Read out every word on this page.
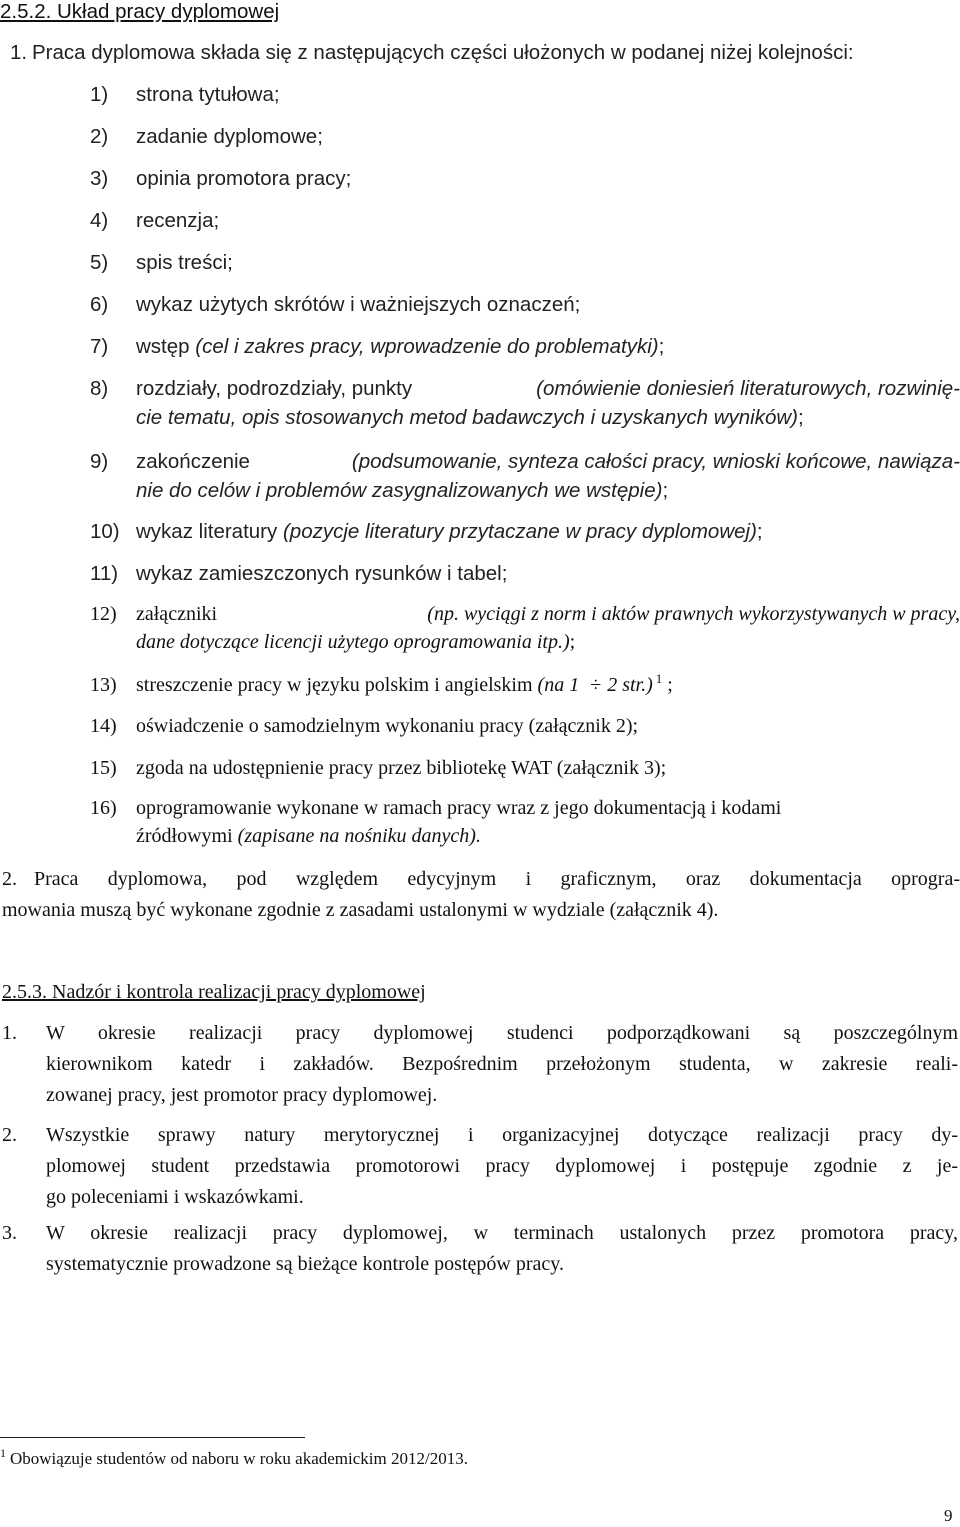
2.5.2. Układ pracy dyplomowej
1. Praca dyplomowa składa się z następujących części ułożonych w podanej niżej kolejności:
1) strona tytułowa;
2) zadanie dyplomowe;
3) opinia promotora pracy;
4) recenzja;
5) spis treści;
6) wykaz użytych skrótów i ważniejszych oznaczeń;
7) wstęp (cel i zakres pracy, wprowadzenie do problematyki);
8) rozdziały, podrozdziały, punkty	(omówienie doniesień literaturowych, rozwinię-
cie tematu, opis stosowanych metod badawczych i uzyskanych wyników);
9) zakończenie	(podsumowanie, synteza całości pracy, wnioski końcowe, nawiąza-
nie do celów i problemów zasygnalizowanych we wstępie);
10) wykaz literatury (pozycje literatury przytaczane w pracy dyplomowej);
11) wykaz zamieszczonych rysunków i tabel;
12) załączniki	(np. wyciągi z norm i aktów prawnych wykorzystywanych w pracy,
dane dotyczące licencji użytego oprogramowania itp.);
13) streszczenie pracy w języku polskim i angielskim (na 1 ÷ 2 str.) $^1$ ;
14) oświadczenie o samodzielnym wykonaniu pracy (załącznik 2);
15) zgoda na udostępnienie pracy przez bibliotekę WAT (załącznik 3);
16) oprogramowanie wykonane w ramach pracy wraz z jego dokumentacją i kodami
źródłowymi (zapisane na nośniku danych).
2. Praca dyplomowa, pod względem edycyjnym i graficznym, oraz dokumentacja oprogra-
mowania muszą być wykonane zgodnie z zasadami ustalonymi w wydziale (załącznik 4).
2.5.3. Nadzór i kontrola realizacji pracy dyplomowej
1. W okresie realizacji pracy dyplomowej studenci podporządkowani są poszczególnym
kierownikom katedr i zakładów. Bezpośrednim przełożonym studenta, w zakresie reali-
zowanej pracy, jest promotor pracy dyplomowej.
2. Wszystkie sprawy natury merytorycznej i organizacyjnej dotyczące realizacji pracy dy-
plomowej student przedstawia promotorowi pracy dyplomowej i postępuje zgodnie z je-
go poleceniami i wskazówkami.
3. W okresie realizacji pracy dyplomowej, w terminach ustalonych przez promotora pracy,
systematycznie prowadzone są bieżące kontrole postępów pracy.
$^1$ Obowiązuje studentów od naboru w roku akademickim 2012/2013.
9
